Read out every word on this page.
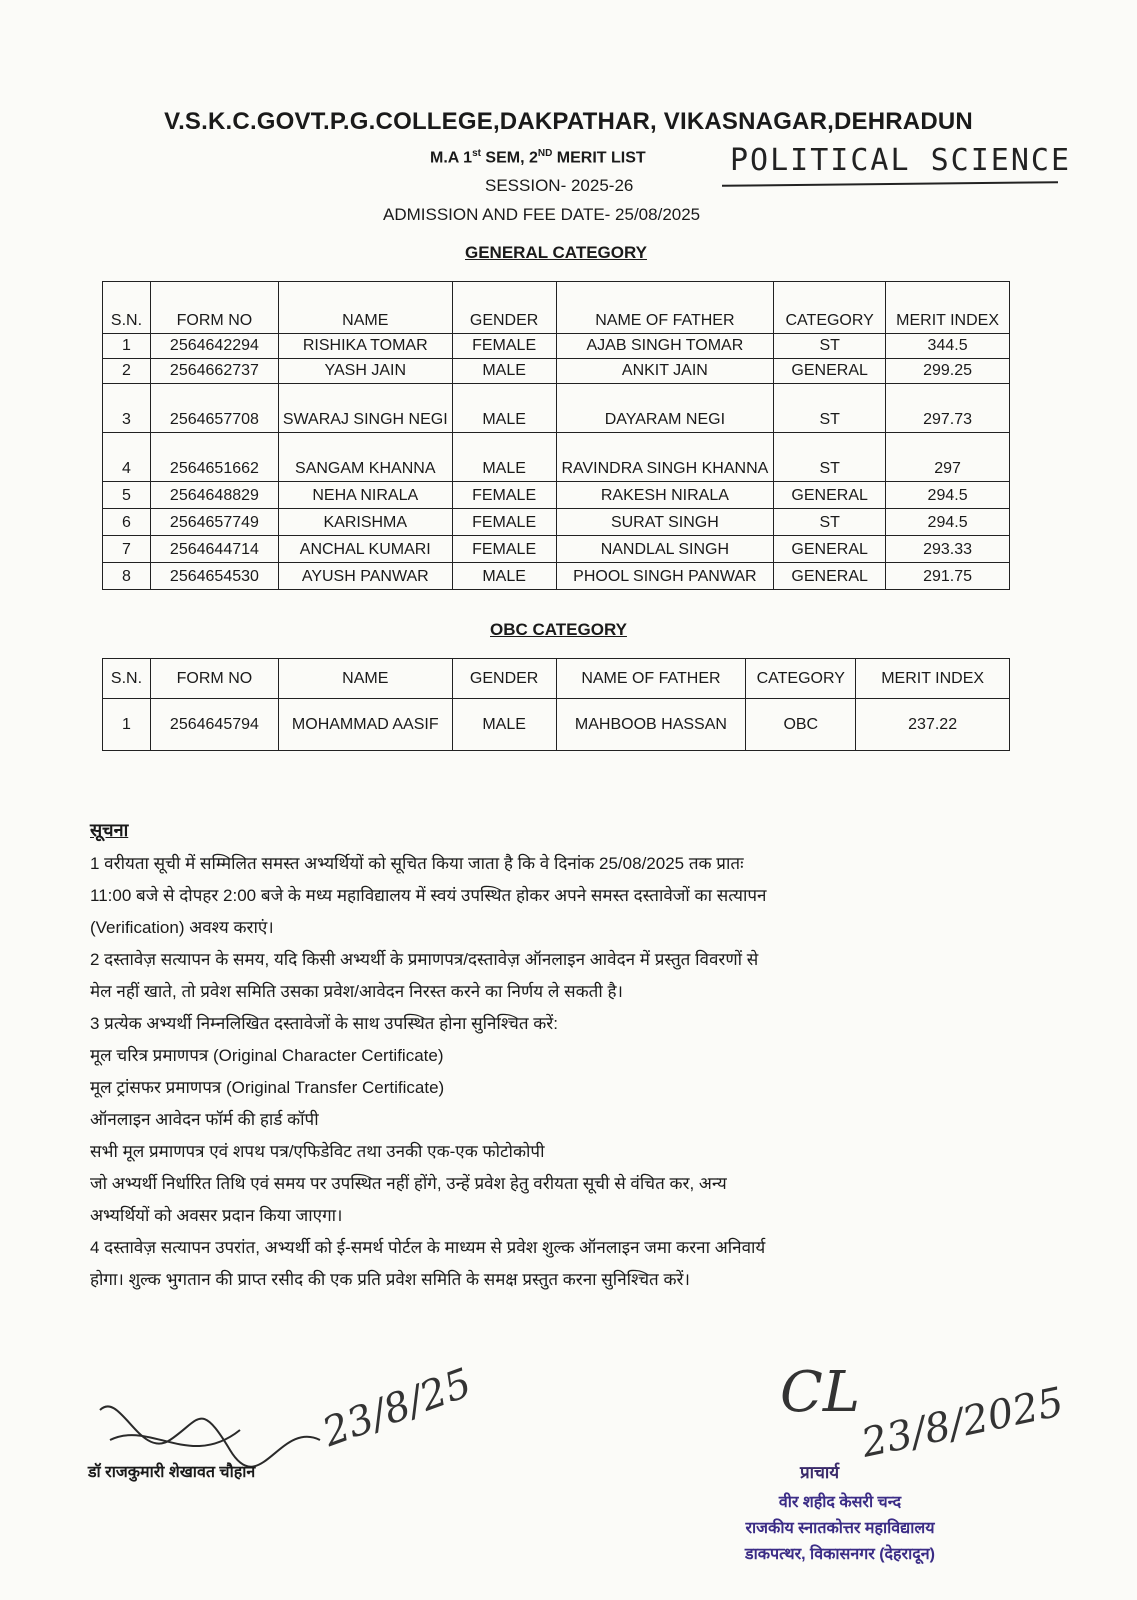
V.S.K.C.GOVT.P.G.COLLEGE,DAKPATHAR, VIKASNAGAR,DEHRADUN
M.A 1st SEM, 2ND MERIT LIST	POLITICAL SCIENCE
SESSION- 2025-26
ADMISSION AND FEE DATE- 25/08/2025
GENERAL CATEGORY
S.N.	FORM NO	NAME	GENDER	NAME OF FATHER	CATEGORY	MERIT INDEX
1	2564642294	RISHIKA TOMAR	FEMALE	AJAB SINGH TOMAR	ST	344.5
2	2564662737	YASH JAIN	MALE	ANKIT JAIN	GENERAL	299.25
3	2564657708	SWARAJ SINGH NEGI	MALE	DAYARAM NEGI	ST	297.73
4	2564651662	SANGAM KHANNA	MALE	RAVINDRA SINGH KHANNA	ST	297
5	2564648829	NEHA NIRALA	FEMALE	RAKESH NIRALA	GENERAL	294.5
6	2564657749	KARISHMA	FEMALE	SURAT SINGH	ST	294.5
7	2564644714	ANCHAL KUMARI	FEMALE	NANDLAL SINGH	GENERAL	293.33
8	2564654530	AYUSH PANWAR	MALE	PHOOL SINGH PANWAR	GENERAL	291.75
OBC CATEGORY
S.N.	FORM NO	NAME	GENDER	NAME OF FATHER	CATEGORY	MERIT INDEX
1	2564645794	MOHAMMAD AASIF	MALE	MAHBOOB HASSAN	OBC	237.22
सूचना

1 वरीयता सूची में सम्मिलित समस्त अभ्यर्थियों को सूचित किया जाता है कि वे दिनांक 25/08/2025 तक प्रातः

11:00 बजे से दोपहर 2:00 बजे के मध्य महाविद्यालय में स्वयं उपस्थित होकर अपने समस्त दस्तावेजों का सत्यापन

(Verification) अवश्य कराएं।

2 दस्तावेज़ सत्यापन के समय, यदि किसी अभ्यर्थी के प्रमाणपत्र/दस्तावेज़ ऑनलाइन आवेदन में प्रस्तुत विवरणों से

मेल नहीं खाते, तो प्रवेश समिति उसका प्रवेश/आवेदन निरस्त करने का निर्णय ले सकती है।

3 प्रत्येक अभ्यर्थी निम्नलिखित दस्तावेजों के साथ उपस्थित होना सुनिश्चित करें:

मूल चरित्र प्रमाणपत्र (Original Character Certificate)

मूल ट्रांसफर प्रमाणपत्र (Original Transfer Certificate)

ऑनलाइन आवेदन फॉर्म की हार्ड कॉपी

सभी मूल प्रमाणपत्र एवं शपथ पत्र/एफिडेविट तथा उनकी एक-एक फोटोकोपी

जो अभ्यर्थी निर्धारित तिथि एवं समय पर उपस्थित नहीं होंगे, उन्हें प्रवेश हेतु वरीयता सूची से वंचित कर, अन्य

अभ्यर्थियों को अवसर प्रदान किया जाएगा।

4 दस्तावेज़ सत्यापन उपरांत, अभ्यर्थी को ई-समर्थ पोर्टल के माध्यम से प्रवेश शुल्क ऑनलाइन जमा करना अनिवार्य

होगा। शुल्क भुगतान की प्राप्त रसीद की एक प्रति प्रवेश समिति के समक्ष प्रस्तुत करना सुनिश्चित करें।

23/8/25
डॉ राजकुमारी शेखावत चौहान
CL
23/8/2025
प्राचार्य
वीर शहीद केसरी चन्द
राजकीय स्नातकोत्तर महाविद्यालय
डाकपत्थर, विकासनगर (देहरादून)
